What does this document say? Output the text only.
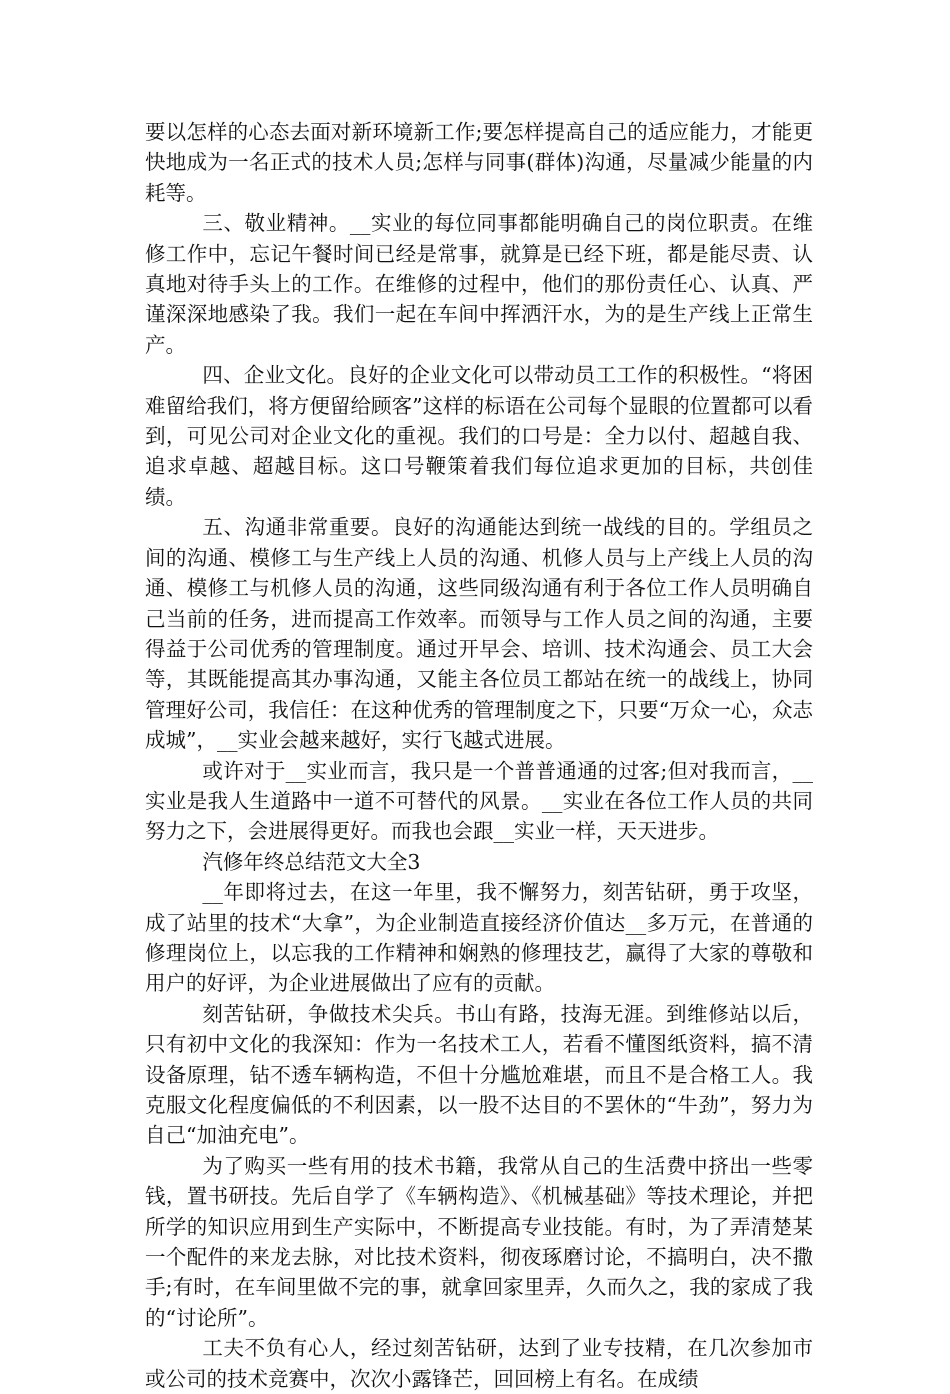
要以怎样的心态去面对新环境新工作;要怎样提高自己的适应能力，才能更快地成为一名正式的技术人员;怎样与同事(群体)沟通，尽量减少能量的内耗等。

三、敬业精神。__实业的每位同事都能明确自己的岗位职责。在维修工作中，忘记午餐时间已经是常事，就算是已经下班，都是能尽责、认真地对待手头上的工作。在维修的过程中，他们的那份责任心、认真、严谨深深地感染了我。我们一起在车间中挥洒汗水，为的是生产线上正常生产。

四、企业文化。良好的企业文化可以带动员工工作的积极性。“将困难留给我们，将方便留给顾客”这样的标语在公司每个显眼的位置都可以看到，可见公司对企业文化的重视。我们的口号是：全力以付、超越自我、追求卓越、超越目标。这口号鞭策着我们每位追求更加的目标，共创佳绩。

五、沟通非常重要。良好的沟通能达到统一战线的目的。学组员之间的沟通、模修工与生产线上人员的沟通、机修人员与上产线上人员的沟通、模修工与机修人员的沟通，这些同级沟通有利于各位工作人员明确自己当前的任务，进而提高工作效率。而领导与工作人员之间的沟通，主要得益于公司优秀的管理制度。通过开早会、培训、技术沟通会、员工大会等，其既能提高其办事沟通，又能主各位员工都站在统一的战线上，协同管理好公司，我信任：在这种优秀的管理制度之下，只要“万众一心，众志成城”，__实业会越来越好，实行飞越式进展。

或许对于__实业而言，我只是一个普普通通的过客;但对我而言，__实业是我人生道路中一道不可替代的风景。__实业在各位工作人员的共同努力之下，会进展得更好。而我也会跟__实业一样，天天进步。

汽修年终总结范文大全3

__年即将过去，在这一年里，我不懈努力，刻苦钻研，勇于攻坚，成了站里的技术“大拿”，为企业制造直接经济价值达__多万元，在普通的修理岗位上，以忘我的工作精神和娴熟的修理技艺，赢得了大家的尊敬和用户的好评，为企业进展做出了应有的贡献。

刻苦钻研，争做技术尖兵。书山有路，技海无涯。到维修站以后，只有初中文化的我深知：作为一名技术工人，若看不懂图纸资料，搞不清设备原理，钻不透车辆构造，不但十分尴尬难堪，而且不是合格工人。我克服文化程度偏低的不利因素，以一股不达目的不罢休的“牛劲”，努力为自己“加油充电”。

为了购买一些有用的技术书籍，我常从自己的生活费中挤出一些零钱，置书研技。先后自学了《车辆构造》、《机械基础》等技术理论，并把所学的知识应用到生产实际中，不断提高专业技能。有时，为了弄清楚某一个配件的来龙去脉，对比技术资料，彻夜琢磨讨论，不搞明白，决不撒手;有时，在车间里做不完的事，就拿回家里弄，久而久之，我的家成了我的“讨论所”。

工夫不负有心人，经过刻苦钻研，达到了业专技精，在几次参加市或公司的技术竞赛中，次次小露锋芒，回回榜上有名。在成绩
